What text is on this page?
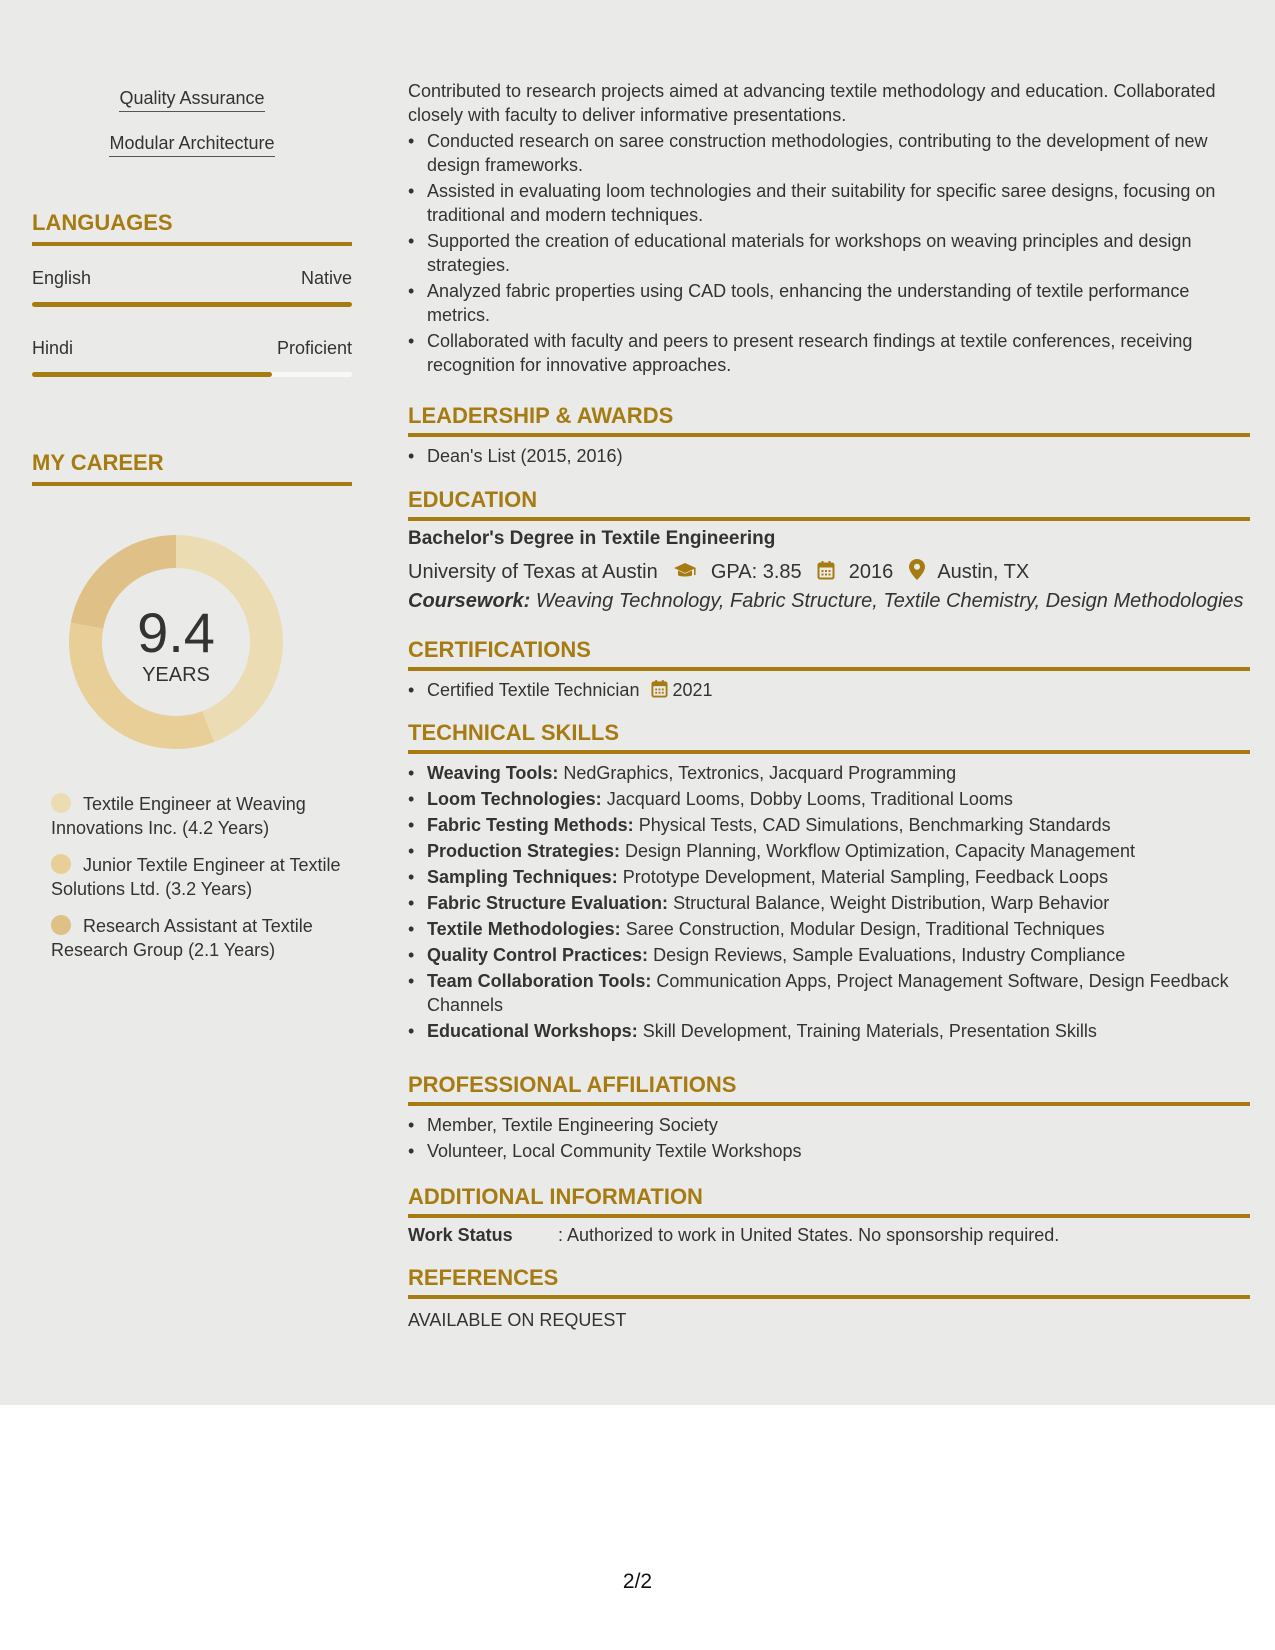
Quality Assurance
Modular Architecture
LANGUAGES
English	Native
Hindi	Proficient
MY CAREER
9.4
YEARS
Textile Engineer at Weaving Innovations Inc. (4.2 Years)
Junior Textile Engineer at Textile Solutions Ltd. (3.2 Years)
Research Assistant at Textile Research Group (2.1 Years)

Contributed to research projects aimed at advancing textile methodology and education. Collaborated closely with faculty to deliver informative presentations.

• Conducted research on saree construction methodologies, contributing to the development of new design frameworks.
• Assisted in evaluating loom technologies and their suitability for specific saree designs, focusing on traditional and modern techniques.
• Supported the creation of educational materials for workshops on weaving principles and design strategies.
• Analyzed fabric properties using CAD tools, enhancing the understanding of textile performance metrics.
• Collaborated with faculty and peers to present research findings at textile conferences, receiving recognition for innovative approaches.
LEADERSHIP & AWARDS
• Dean's List (2015, 2016)
EDUCATION
Bachelor's Degree in Textile Engineering
University of Texas at Austin	GPA: 3.85 2016 Austin, TX
Coursework: Weaving Technology, Fabric Structure, Textile Chemistry, Design Methodologies
CERTIFICATIONS
• Certified Textile Technician 2021
TECHNICAL SKILLS
• Weaving Tools: NedGraphics, Textronics, Jacquard Programming
• Loom Technologies: Jacquard Looms, Dobby Looms, Traditional Looms
• Fabric Testing Methods: Physical Tests, CAD Simulations, Benchmarking Standards
• Production Strategies: Design Planning, Workflow Optimization, Capacity Management
• Sampling Techniques: Prototype Development, Material Sampling, Feedback Loops
• Fabric Structure Evaluation: Structural Balance, Weight Distribution, Warp Behavior
• Textile Methodologies: Saree Construction, Modular Design, Traditional Techniques
• Quality Control Practices: Design Reviews, Sample Evaluations, Industry Compliance
• Team Collaboration Tools: Communication Apps, Project Management Software, Design Feedback Channels
• Educational Workshops: Skill Development, Training Materials, Presentation Skills
PROFESSIONAL AFFILIATIONS
• Member, Textile Engineering Society
• Volunteer, Local Community Textile Workshops
ADDITIONAL INFORMATION
Work Status	: Authorized to work in United States. No sponsorship required.
REFERENCES
AVAILABLE ON REQUEST
2/2
